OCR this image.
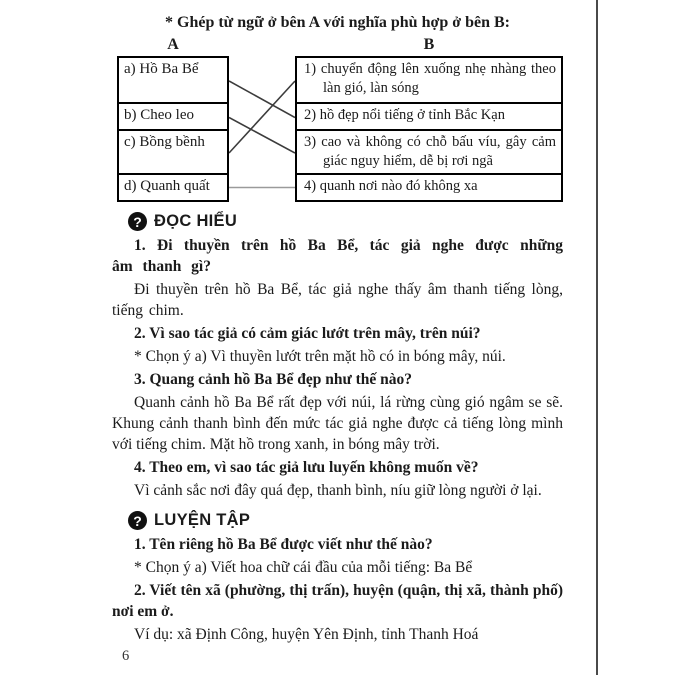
* Ghép từ ngữ ở bên A với nghĩa phù hợp ở bên B:

A	B
a) Hồ Ba Bể
b) Cheo leo
c) Bồng bềnh
d) Quanh quất
1) chuyển động lên xuống nhẹ nhàng theo làn gió, làn sóng
2) hồ đẹp nổi tiếng ở tỉnh Bắc Kạn
3) cao và không có chỗ bấu víu, gây cảm giác nguy hiểm, dễ bị rơi ngã
4) quanh nơi nào đó không xa
?
ĐỌC HIỂU

1. Đi thuyền trên hồ Ba Bể, tác giả nghe được những âm thanh gì?

Đi thuyền trên hồ Ba Bể, tác giả nghe thấy âm thanh tiếng lòng, tiếng chim.

2. Vì sao tác giả có cảm giác lướt trên mây, trên núi?

* Chọn ý a) Vì thuyền lướt trên mặt hồ có in bóng mây, núi.

3. Quang cảnh hồ Ba Bể đẹp như thế nào?

Quanh cảnh hồ Ba Bể rất đẹp với núi, lá rừng cùng gió ngâm se sẽ. Khung cảnh thanh bình đến mức tác giả nghe được cả tiếng lòng mình với tiếng chim. Mặt hồ trong xanh, in bóng mây trời.

4. Theo em, vì sao tác giả lưu luyến không muốn về?

Vì cảnh sắc nơi đây quá đẹp, thanh bình, níu giữ lòng người ở lại.

?
LUYỆN TẬP

1. Tên riêng hồ Ba Bể được viết như thế nào?

* Chọn ý a) Viết hoa chữ cái đầu của mỗi tiếng: Ba Bể

2. Viết tên xã (phường, thị trấn), huyện (quận, thị xã, thành phố) nơi em ở.

Ví dụ: xã Định Công, huyện Yên Định, tỉnh Thanh Hoá

6
